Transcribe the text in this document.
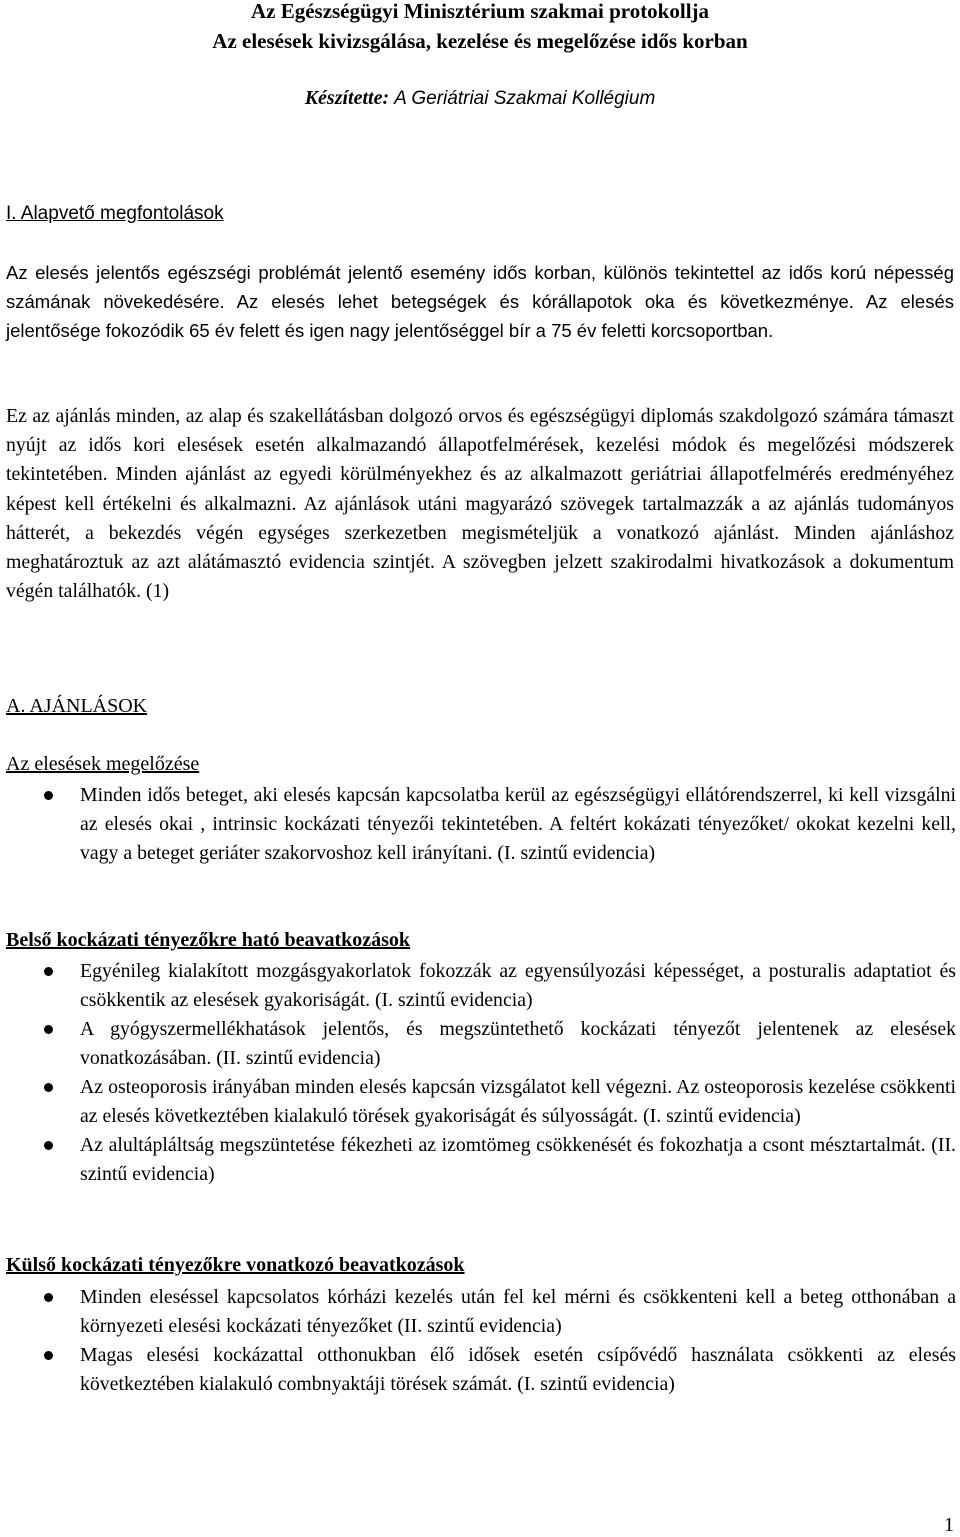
Az Egészségügyi Minisztérium szakmai protokollja
Az elesések kivizsgálása, kezelése és megelőzése idős korban
Készítette: A Geriátriai Szakmai Kollégium
I. Alapvető megfontolások

Az elesés jelentős egészségi problémát jelentő esemény idős korban, különös tekintettel az idős korú népesség számának növekedésére. Az elesés lehet betegségek és kórállapotok oka és következménye. Az elesés jelentősége fokozódik 65 év felett és igen nagy jelentőséggel bír a 75 év feletti korcsoportban.

Ez az ajánlás minden, az alap és szakellátásban dolgozó orvos és egészségügyi diplomás szakdolgozó számára támaszt nyújt az idős kori elesések esetén alkalmazandó állapotfelmérések, kezelési módok és megelőzési módszerek tekintetében. Minden ajánlást az egyedi körülményekhez és az alkalmazott geriátriai állapotfelmérés eredményéhez képest kell értékelni és alkalmazni. Az ajánlások utáni magyarázó szövegek tartalmazzák a az ajánlás tudományos hátterét, a bekezdés végén egységes szerkezetben megismételjük a vonatkozó ajánlást. Minden ajánláshoz meghatároztuk az azt alátámasztó evidencia szintjét. A szövegben jelzett szakirodalmi hivatkozások a dokumentum végén találhatók. (1)

A. AJÁNLÁSOK
Az elesések megelőzése
Minden idős beteget, aki elesés kapcsán kapcsolatba kerül az egészségügyi ellátórendszerrel, ki kell vizsgálni az elesés okai , intrinsic kockázati tényezői tekintetében. A feltért kokázati tényezőket/ okokat kezelni kell, vagy a beteget geriáter szakorvoshoz kell irányítani. (I. szintű evidencia)
Belső kockázati tényezőkre ható beavatkozások
Egyénileg kialakított mozgásgyakorlatok fokozzák az egyensúlyozási képességet, a posturalis adaptatiot és csökkentik az elesések gyakoriságát. (I. szintű evidencia)
A gyógyszermellékhatások jelentős, és megszüntethető kockázati tényezőt jelentenek az elesések vonatkozásában. (II. szintű evidencia)
Az osteoporosis irányában minden elesés kapcsán vizsgálatot kell végezni. Az osteoporosis kezelése csökkenti az elesés következtében kialakuló törések gyakoriságát és súlyosságát. (I. szintű evidencia)
Az alultápláltság megszüntetése fékezheti az izomtömeg csökkenését és fokozhatja a csont mésztartalmát. (II. szintű evidencia)
Külső kockázati tényezőkre vonatkozó beavatkozások
Minden eleséssel kapcsolatos kórházi kezelés után fel kel mérni és csökkenteni kell a beteg otthonában a környezeti elesési kockázati tényezőket (II. szintű evidencia)
Magas elesési kockázattal otthonukban élő idősek esetén csípővédő használata csökkenti az elesés következtében kialakuló combnyaktáji törések számát. (I. szintű evidencia)
1
